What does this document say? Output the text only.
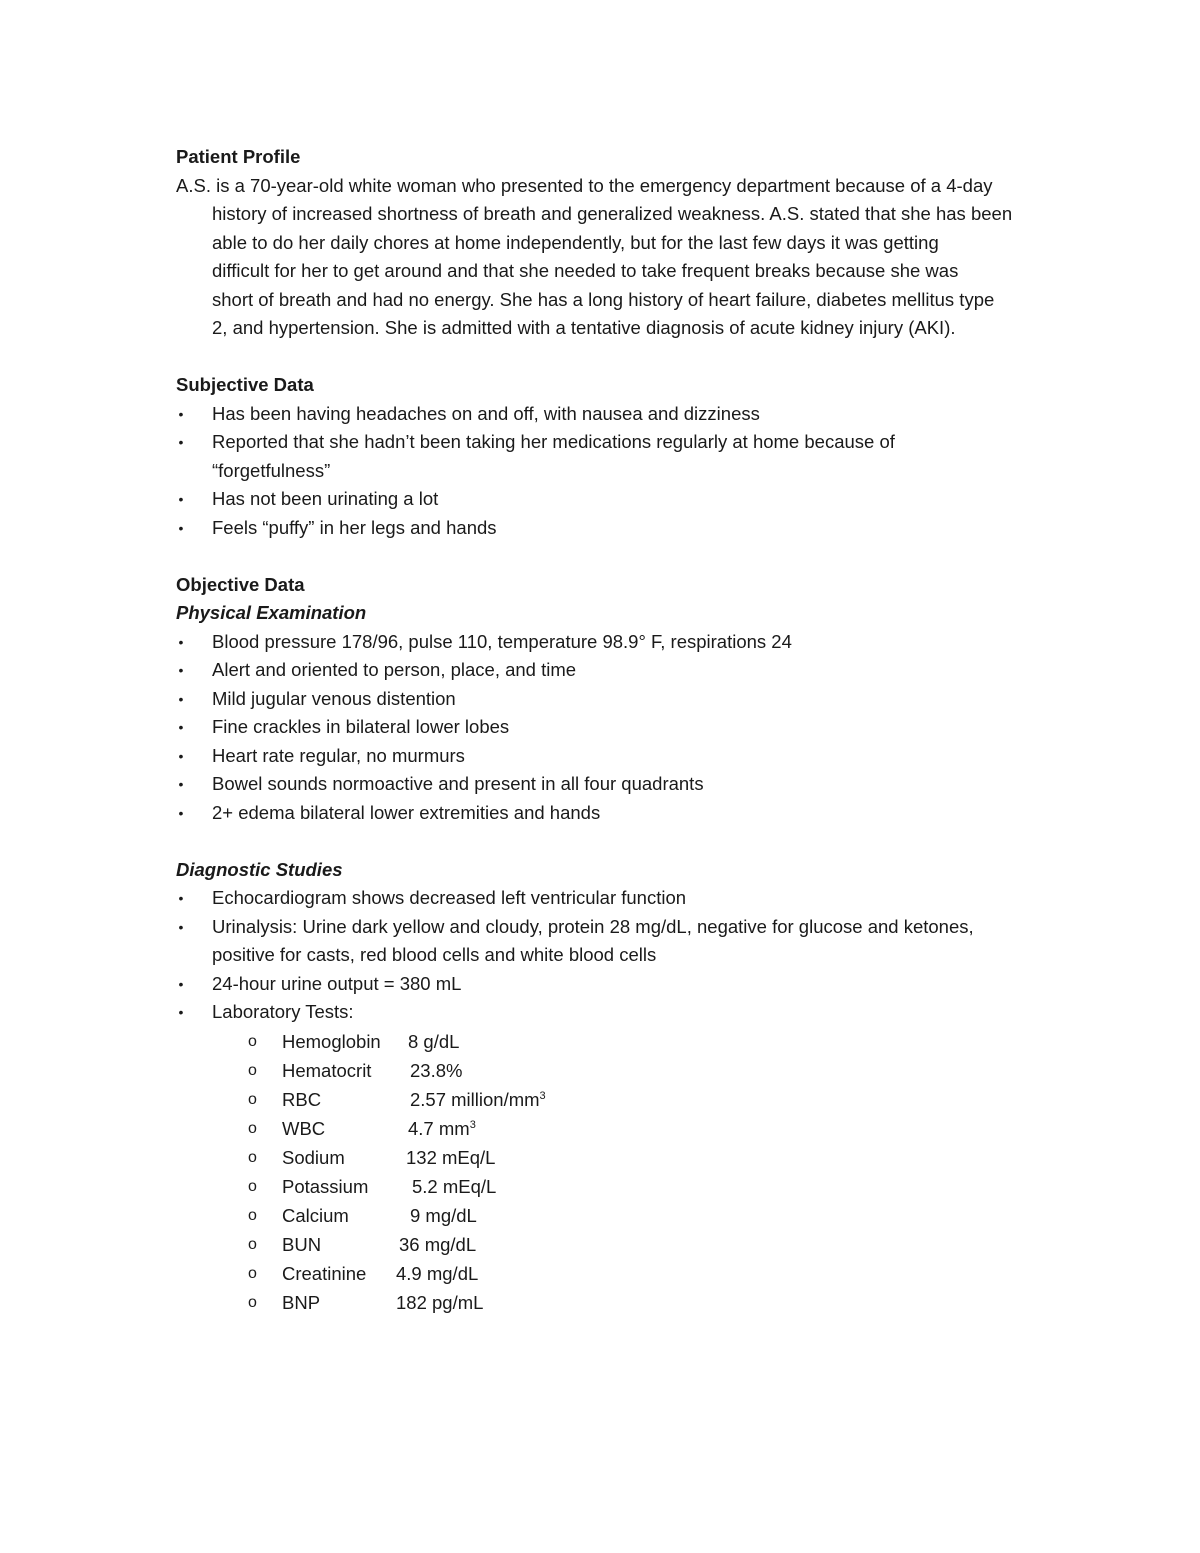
Patient Profile
A.S. is a 70-year-old white woman who presented to the emergency department because of a 4-day
history of increased shortness of breath and generalized weakness. A.S. stated that she has been
able to do her daily chores at home independently, but for the last few days it was getting
difficult for her to get around and that she needed to take frequent breaks because she was
short of breath and had no energy. She has a long history of heart failure, diabetes mellitus type
2, and hypertension. She is admitted with a tentative diagnosis of acute kidney injury (AKI).
Subjective Data
• Has been having headaches on and off, with nausea and dizziness
• Reported that she hadn’t been taking her medications regularly at home because of
“forgetfulness”
• Has not been urinating a lot
• Feels “puffy” in her legs and hands
Objective Data
Physical Examination
• Blood pressure 178/96, pulse 110, temperature 98.9° F, respirations 24
• Alert and oriented to person, place, and time
• Mild jugular venous distention
• Fine crackles in bilateral lower lobes
• Heart rate regular, no murmurs
• Bowel sounds normoactive and present in all four quadrants
• 2+ edema bilateral lower extremities and hands
Diagnostic Studies
• Echocardiogram shows decreased left ventricular function
• Urinalysis: Urine dark yellow and cloudy, protein 28 mg/dL, negative for glucose and ketones,
positive for casts, red blood cells and white blood cells
• 24-hour urine output = 380 mL
• Laboratory Tests:
o Hemoglobin 8 g/dL
o Hematocrit 23.8%
o RBC	2.57 million/$mm^3$
o WBC	4.7 $mm^3$
o Sodium	132 mEq/L
o Potassium 5.2 mEq/L
o Calcium	9 mg/dL
o BUN	36 mg/dL
o Creatinine 4.9 mg/dL
o BNP	182 pg/mL
